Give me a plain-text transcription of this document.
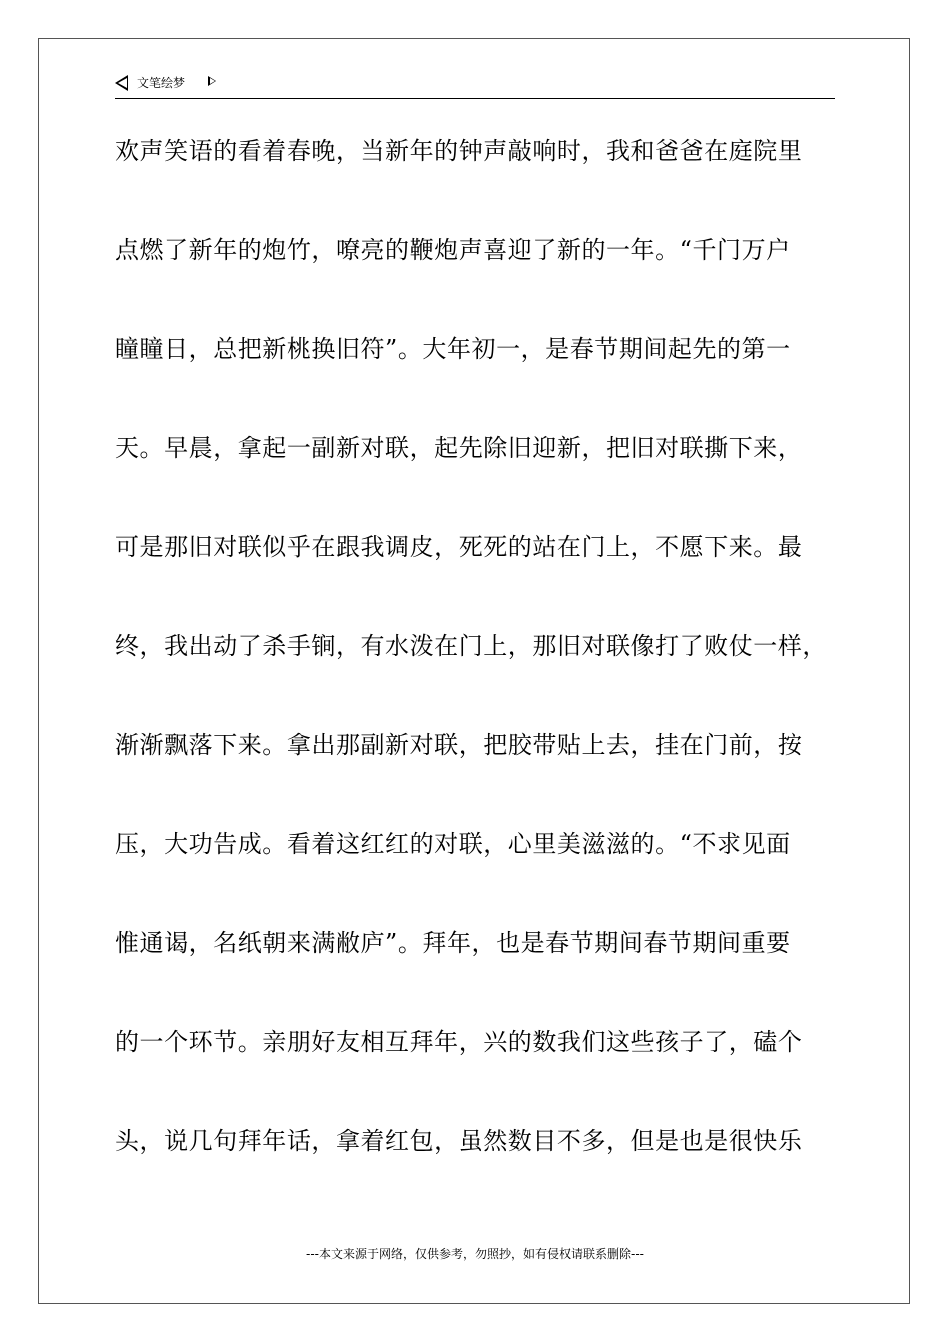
文笔绘梦
欢声笑语的看着春晚，当新年的钟声敲响时，我和爸爸在庭院里
点燃了新年的炮竹，嘹亮的鞭炮声喜迎了新的一年。“千门万户
瞳瞳日，总把新桃换旧符”。大年初一，是春节期间起先的第一
天。早晨，拿起一副新对联，起先除旧迎新，把旧对联撕下来，
可是那旧对联似乎在跟我调皮，死死的站在门上，不愿下来。最
终，我出动了杀手锏，有水泼在门上，那旧对联像打了败仗一样，
渐渐飘落下来。拿出那副新对联，把胶带贴上去，挂在门前，按
压，大功告成。看着这红红的对联，心里美滋滋的。“不求见面
惟通谒，名纸朝来满敝庐”。拜年，也是春节期间春节期间重要
的一个环节。亲朋好友相互拜年，兴的数我们这些孩子了，磕个
头，说几句拜年话，拿着红包，虽然数目不多，但是也是很快乐
---本文来源于网络，仅供参考，勿照抄，如有侵权请联系删除---
